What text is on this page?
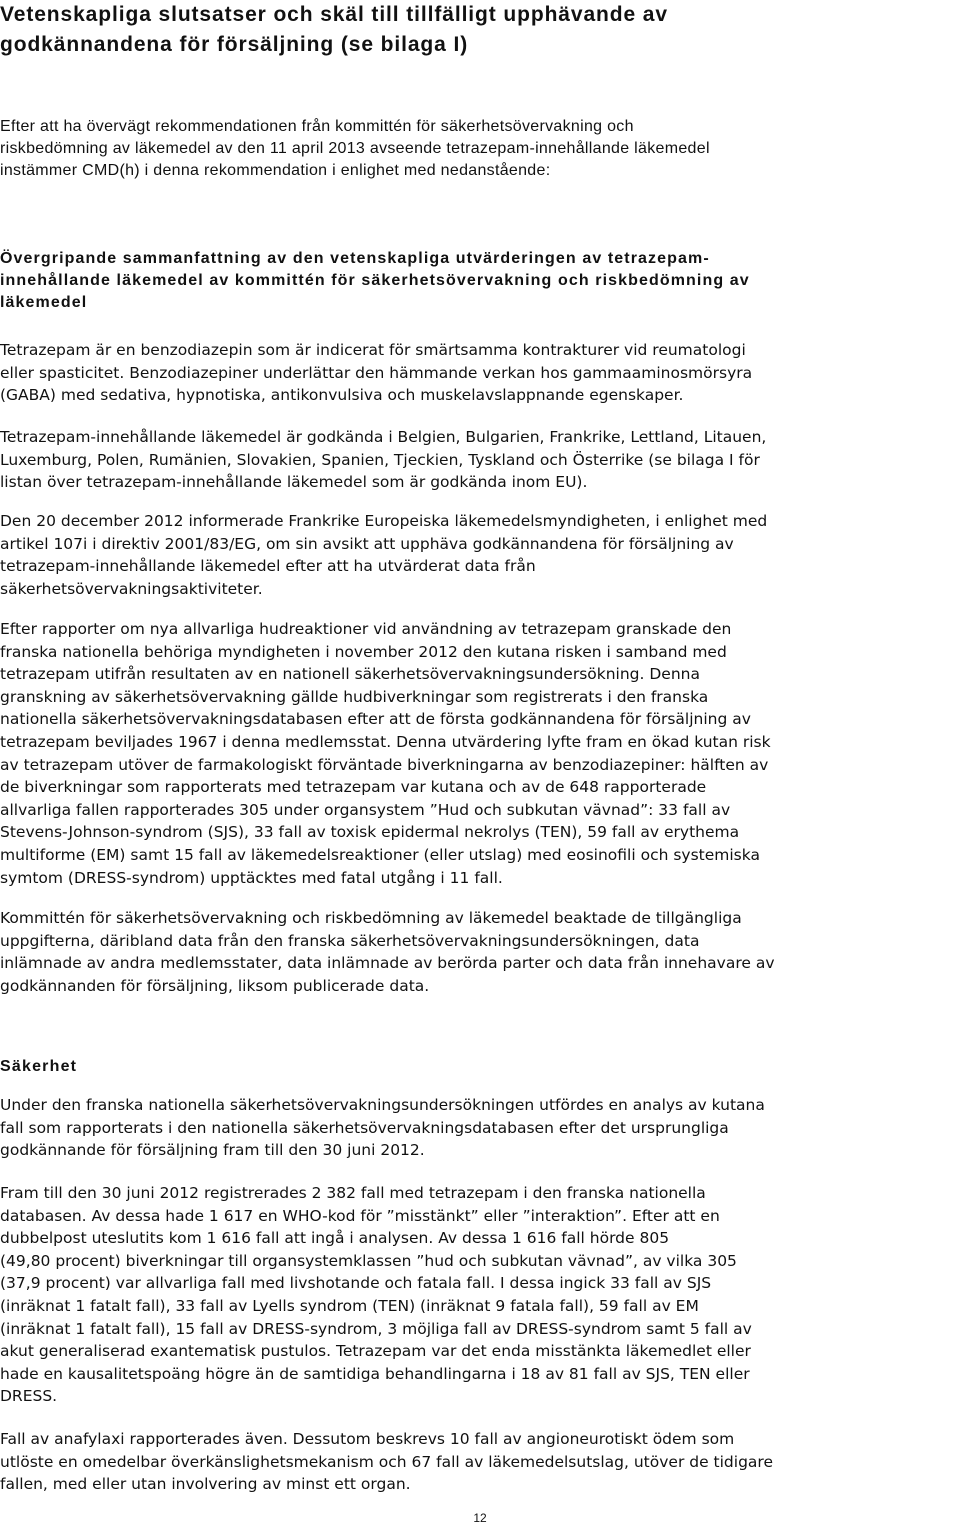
Vetenskapliga slutsatser och skäl till tillfälligt upphävande av
godkännandena för försäljning (se bilaga I)

Efter att ha övervägt rekommendationen från kommittén för säkerhetsövervakning och
riskbedömning av läkemedel av den 11 april 2013 avseende tetrazepam-innehållande läkemedel
instämmer CMD(h) i denna rekommendation i enlighet med nedanstående:

Övergripande sammanfattning av den vetenskapliga utvärderingen av tetrazepam-
innehållande läkemedel av kommittén för säkerhetsövervakning och riskbedömning av
läkemedel

Tetrazepam är en benzodiazepin som är indicerat för smärtsamma kontrakturer vid reumatologi
eller spasticitet. Benzodiazepiner underlättar den hämmande verkan hos gammaaminosmörsyra
(GABA) med sedativa, hypnotiska, antikonvulsiva och muskelavslappnande egenskaper.

Tetrazepam-innehållande läkemedel är godkända i Belgien, Bulgarien, Frankrike, Lettland, Litauen,
Luxemburg, Polen, Rumänien, Slovakien, Spanien, Tjeckien, Tyskland och Österrike (se bilaga I för
listan över tetrazepam-innehållande läkemedel som är godkända inom EU).

Den 20 december 2012 informerade Frankrike Europeiska läkemedelsmyndigheten, i enlighet med
artikel 107i i direktiv 2001/83/EG, om sin avsikt att upphäva godkännandena för försäljning av
tetrazepam-innehållande läkemedel efter att ha utvärderat data från
säkerhetsövervakningsaktiviteter.

Efter rapporter om nya allvarliga hudreaktioner vid användning av tetrazepam granskade den
franska nationella behöriga myndigheten i november 2012 den kutana risken i samband med
tetrazepam utifrån resultaten av en nationell säkerhetsövervakningsundersökning. Denna
granskning av säkerhetsövervakning gällde hudbiverkningar som registrerats i den franska
nationella säkerhetsövervakningsdatabasen efter att de första godkännandena för försäljning av
tetrazepam beviljades 1967 i denna medlemsstat. Denna utvärdering lyfte fram en ökad kutan risk
av tetrazepam utöver de farmakologiskt förväntade biverkningarna av benzodiazepiner: hälften av
de biverkningar som rapporterats med tetrazepam var kutana och av de 648 rapporterade
allvarliga fallen rapporterades 305 under organsystem ”Hud och subkutan vävnad”: 33 fall av
Stevens-Johnson-syndrom (SJS), 33 fall av toxisk epidermal nekrolys (TEN), 59 fall av erythema
multiforme (EM) samt 15 fall av läkemedelsreaktioner (eller utslag) med eosinofili och systemiska
symtom (DRESS-syndrom) upptäcktes med fatal utgång i 11 fall.

Kommittén för säkerhetsövervakning och riskbedömning av läkemedel beaktade de tillgängliga
uppgifterna, däribland data från den franska säkerhetsövervakningsundersökningen, data
inlämnade av andra medlemsstater, data inlämnade av berörda parter och data från innehavare av
godkännanden för försäljning, liksom publicerade data.

Säkerhet

Under den franska nationella säkerhetsövervakningsundersökningen utfördes en analys av kutana
fall som rapporterats i den nationella säkerhetsövervakningsdatabasen efter det ursprungliga
godkännande för försäljning fram till den 30 juni 2012.

Fram till den 30 juni 2012 registrerades 2 382 fall med tetrazepam i den franska nationella
databasen. Av dessa hade 1 617 en WHO-kod för ”misstänkt” eller ”interaktion”. Efter att en
dubbelpost uteslutits kom 1 616 fall att ingå i analysen. Av dessa 1 616 fall hörde 805
(49,80 procent) biverkningar till organsystemklassen ”hud och subkutan vävnad”, av vilka 305
(37,9 procent) var allvarliga fall med livshotande och fatala fall. I dessa ingick 33 fall av SJS
(inräknat 1 fatalt fall), 33 fall av Lyells syndrom (TEN) (inräknat 9 fatala fall), 59 fall av EM
(inräknat 1 fatalt fall), 15 fall av DRESS-syndrom, 3 möjliga fall av DRESS-syndrom samt 5 fall av
akut generaliserad exantematisk pustulos. Tetrazepam var det enda misstänkta läkemedlet eller
hade en kausalitetspoäng högre än de samtidiga behandlingarna i 18 av 81 fall av SJS, TEN eller
DRESS.

Fall av anafylaxi rapporterades även. Dessutom beskrevs 10 fall av angioneurotiskt ödem som
utlöste en omedelbar överkänslighetsmekanism och 67 fall av läkemedelsutslag, utöver de tidigare
fallen, med eller utan involvering av minst ett organ.

12
